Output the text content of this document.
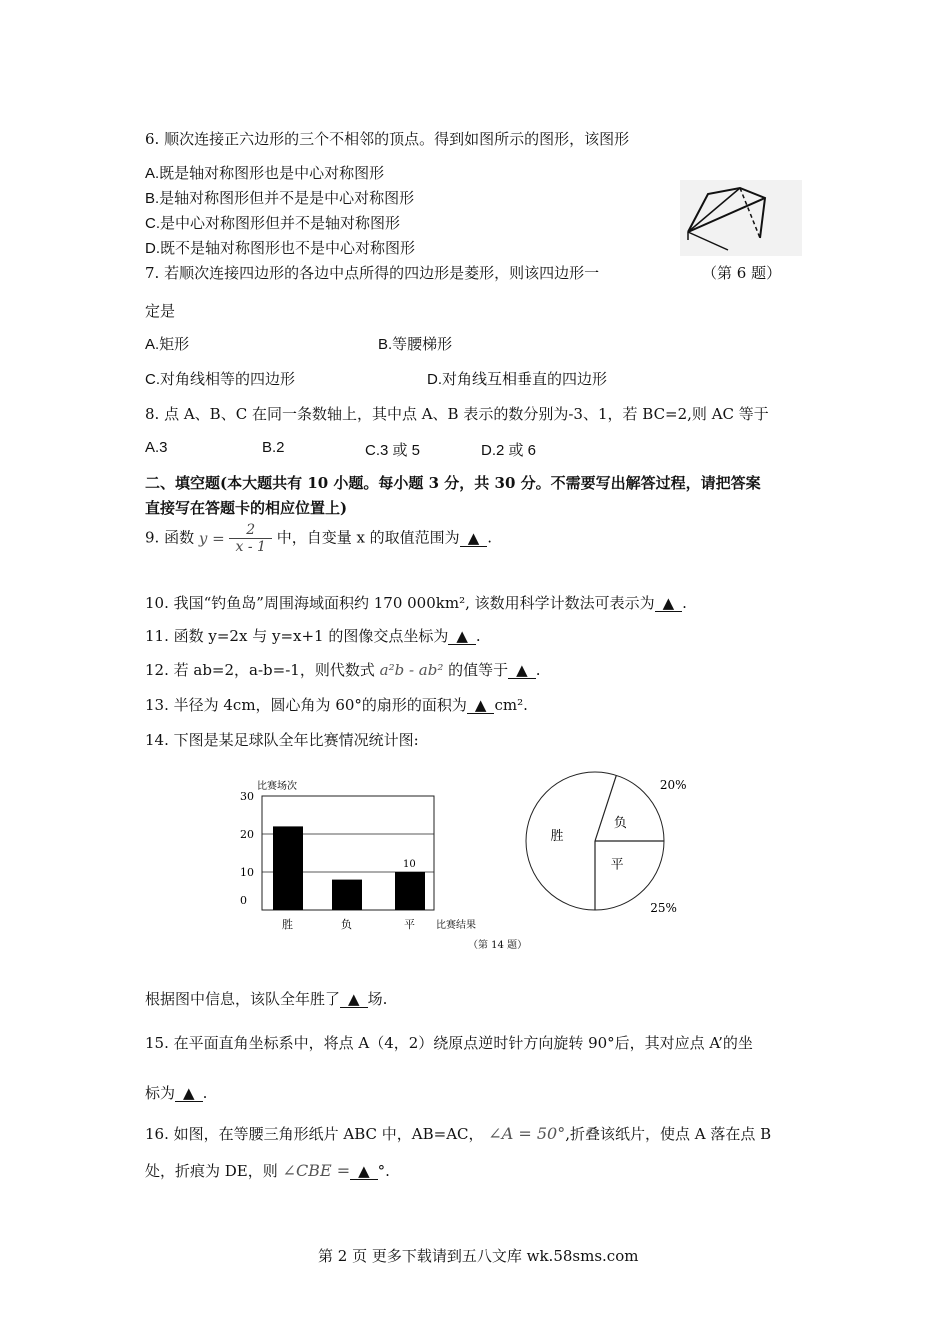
6. 顺次连接正六边形的三个不相邻的顶点。得到如图所示的图形，该图形
A.既是轴对称图形也是中心对称图形
B.是轴对称图形但并不是是中心对称图形
C.是中心对称图形但并不是轴对称图形
D.既不是轴对称图形也不是中心对称图形
（第 6 题）
7. 若顺次连接四边形的各边中点所得的四边形是菱形，则该四边形一
定是
A.矩形	B.等腰梯形
C.对角线相等的四边形	D.对角线互相垂直的四边形
8. 点 A、B、C 在同一条数轴上，其中点 A、B 表示的数分别为-3、1，若 BC=2,则 AC 等于
A.3	B.2	C.3 或 5	D.2 或 6
二、填空题(本大题共有 10 小题。每小题 3 分，共 30 分。不需要写出解答过程，请把答案
直接写在答题卡的相应位置上)
9. 函数 $y = \frac{2}{x - 1}$ 中，自变量 x 的取值范围为 ▲ .
10. 我国“钓鱼岛”周围海域面积约 170 000km², 该数用科学计数法可表示为 ▲ .
11. 函数 y=2x 与 y=x+1 的图像交点坐标为 ▲ .
12. 若 ab=2，a-b=-1，则代数式 a²b - ab² 的值等于 ▲ .
13. 半径为 4cm，圆心角为 60°的扇形的面积为 ▲ cm².
14. 下图是某足球队全年比赛情况统计图:
比赛场次
0
10
20
30
胜	负	平
10
比赛结果
胜
负
20%
平
25%
（第 14 题）
根据图中信息，该队全年胜了 ▲ 场.
15. 在平面直角坐标系中，将点 A（4，2）绕原点逆时针方向旋转 90°后，其对应点 A’的坐
标为 ▲ .
16. 如图，在等腰三角形纸片 ABC 中，AB=AC， ∠A = 50°,折叠该纸片，使点 A 落在点 B
处，折痕为 DE，则 ∠CBE = ▲ °.
第 2 页 更多下载请到五八文库 wk.58sms.com
